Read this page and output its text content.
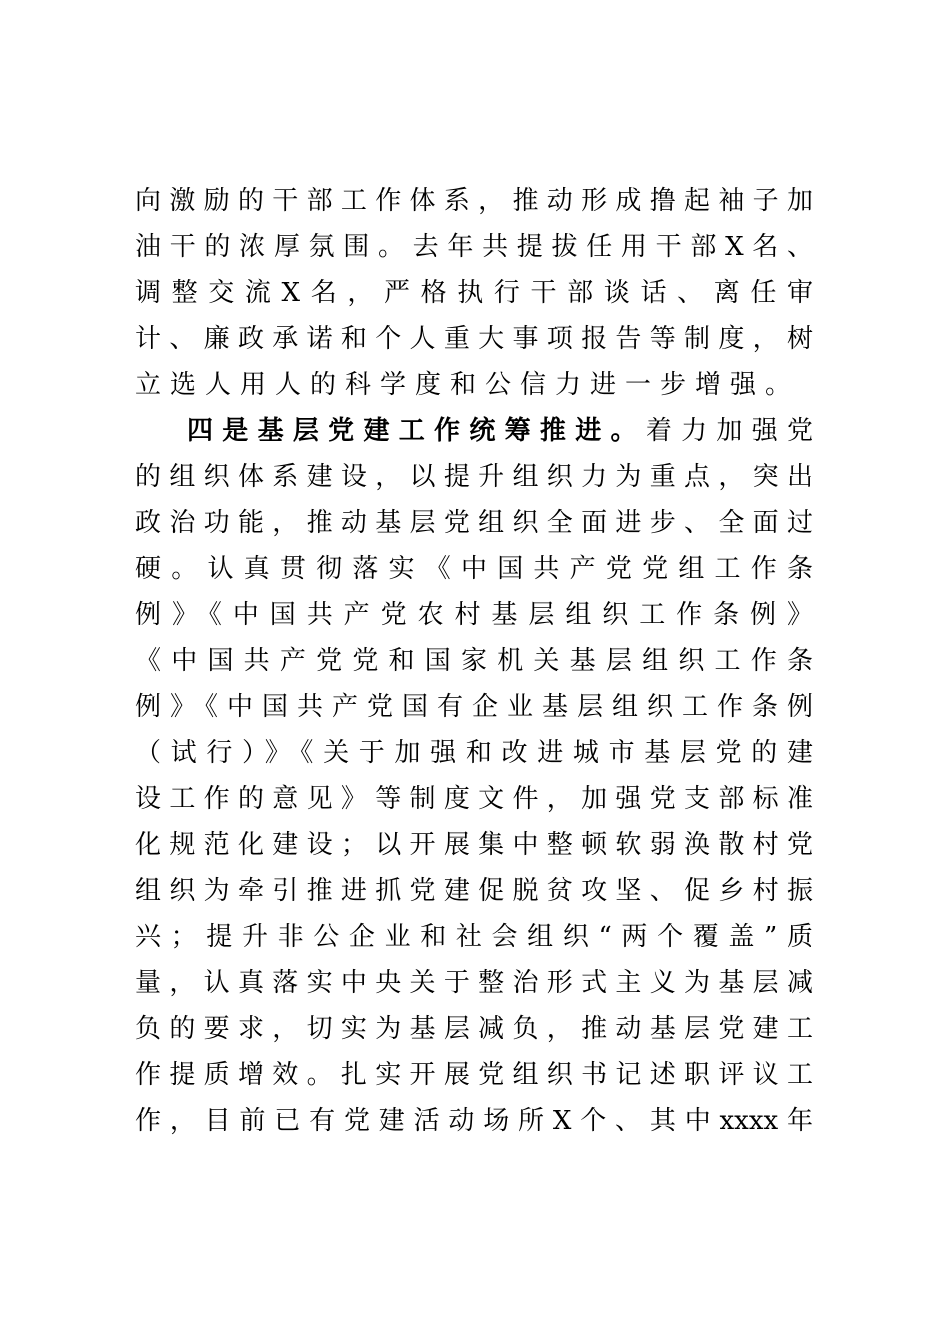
向激励的干部工作体系，推动形成撸起袖子加
油干的浓厚氛围。去年共提拔任用干部X名、
调整交流X名，严格执行干部谈话、离任审
计、廉政承诺和个人重大事项报告等制度，树
立选人用人的科学度和公信力进一步增强。
四是基层党建工作统筹推进。着力加强党
的组织体系建设，以提升组织力为重点，突出
政治功能，推动基层党组织全面进步、全面过
硬。认真贯彻落实《中国共产党党组工作条
例》《中国共产党农村基层组织工作条例》
《中国共产党党和国家机关基层组织工作条
例》《中国共产党国有企业基层组织工作条例
（试行）》《关于加强和改进城市基层党的建
设工作的意见》等制度文件，加强党支部标准
化规范化建设；以开展集中整顿软弱涣散村党
组织为牵引推进抓党建促脱贫攻坚、促乡村振
兴；提升非公企业和社会组织“两个覆盖”质
量，认真落实中央关于整治形式主义为基层减
负的要求，切实为基层减负，推动基层党建工
作提质增效。扎实开展党组织书记述职评议工
作，目前已有党建活动场所X个、其中xxxx年
